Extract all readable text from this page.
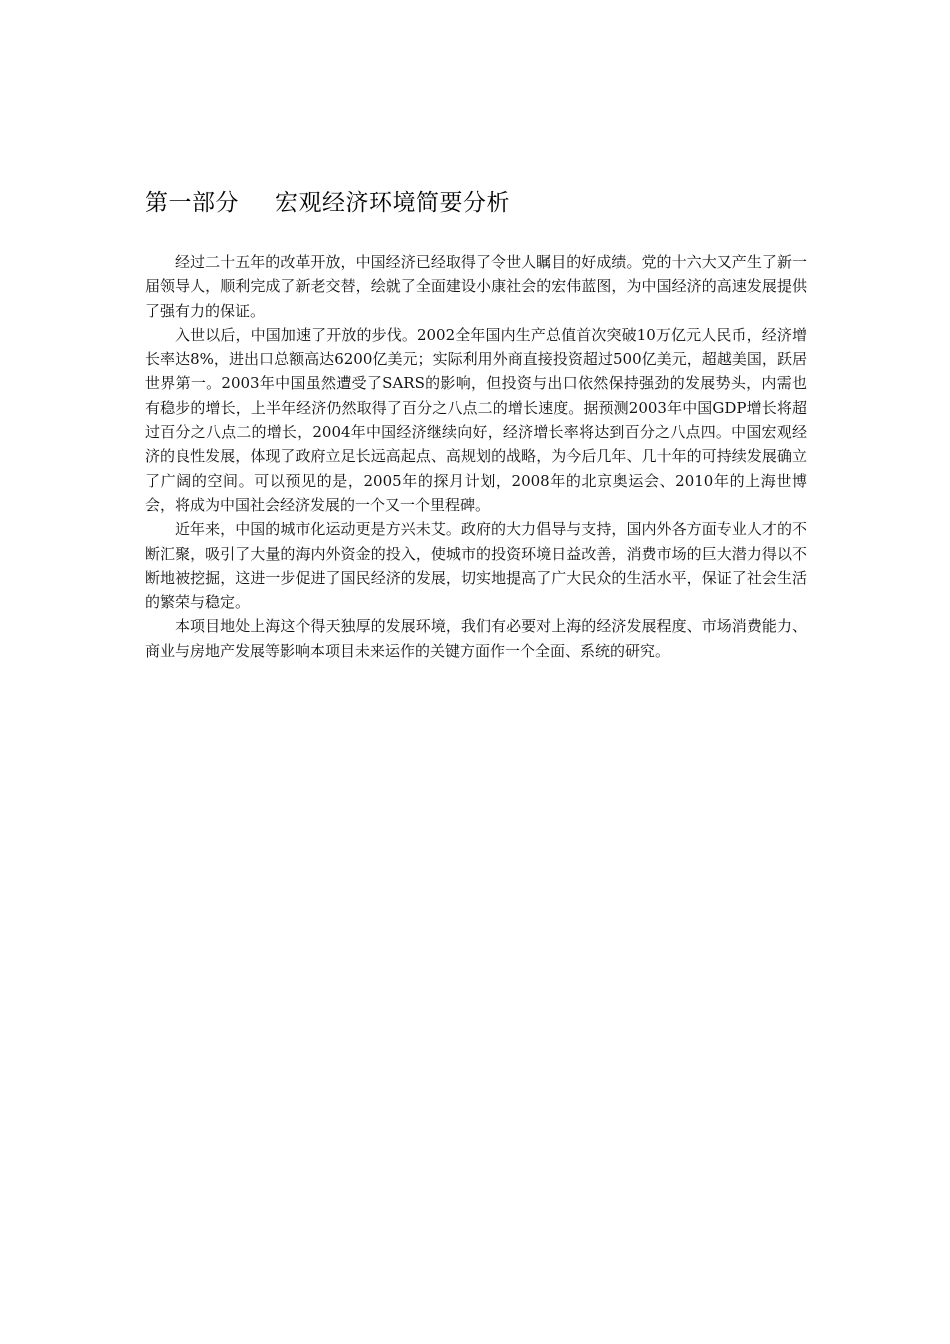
第一部分 宏观经济环境简要分析

经过二十五年的改革开放，中国经济已经取得了令世人瞩目的好成绩。党的十六大又产生了新一届领导人，顺利完成了新老交替，绘就了全面建设小康社会的宏伟蓝图，为中国经济的高速发展提供了强有力的保证。

入世以后，中国加速了开放的步伐。2002全年国内生产总值首次突破10万亿元人民币，经济增长率达8%，进出口总额高达6200亿美元；实际利用外商直接投资超过500亿美元，超越美国，跃居世界第一。2003年中国虽然遭受了SARS的影响，但投资与出口依然保持强劲的发展势头，内需也有稳步的增长，上半年经济仍然取得了百分之八点二的增长速度。据预测2003年中国GDP增长将超过百分之八点二的增长，2004年中国经济继续向好，经济增长率将达到百分之八点四。中国宏观经济的良性发展，体现了政府立足长远高起点、高规划的战略，为今后几年、几十年的可持续发展确立了广阔的空间。可以预见的是，2005年的探月计划，2008年的北京奥运会、2010年的上海世博会，将成为中国社会经济发展的一个又一个里程碑。

近年来，中国的城市化运动更是方兴未艾。政府的大力倡导与支持，国内外各方面专业人才的不断汇聚，吸引了大量的海内外资金的投入，使城市的投资环境日益改善，消费市场的巨大潜力得以不断地被挖掘，这进一步促进了国民经济的发展，切实地提高了广大民众的生活水平，保证了社会生活的繁荣与稳定。

本项目地处上海这个得天独厚的发展环境，我们有必要对上海的经济发展程度、市场消费能力、商业与房地产发展等影响本项目未来运作的关键方面作一个全面、系统的研究。
